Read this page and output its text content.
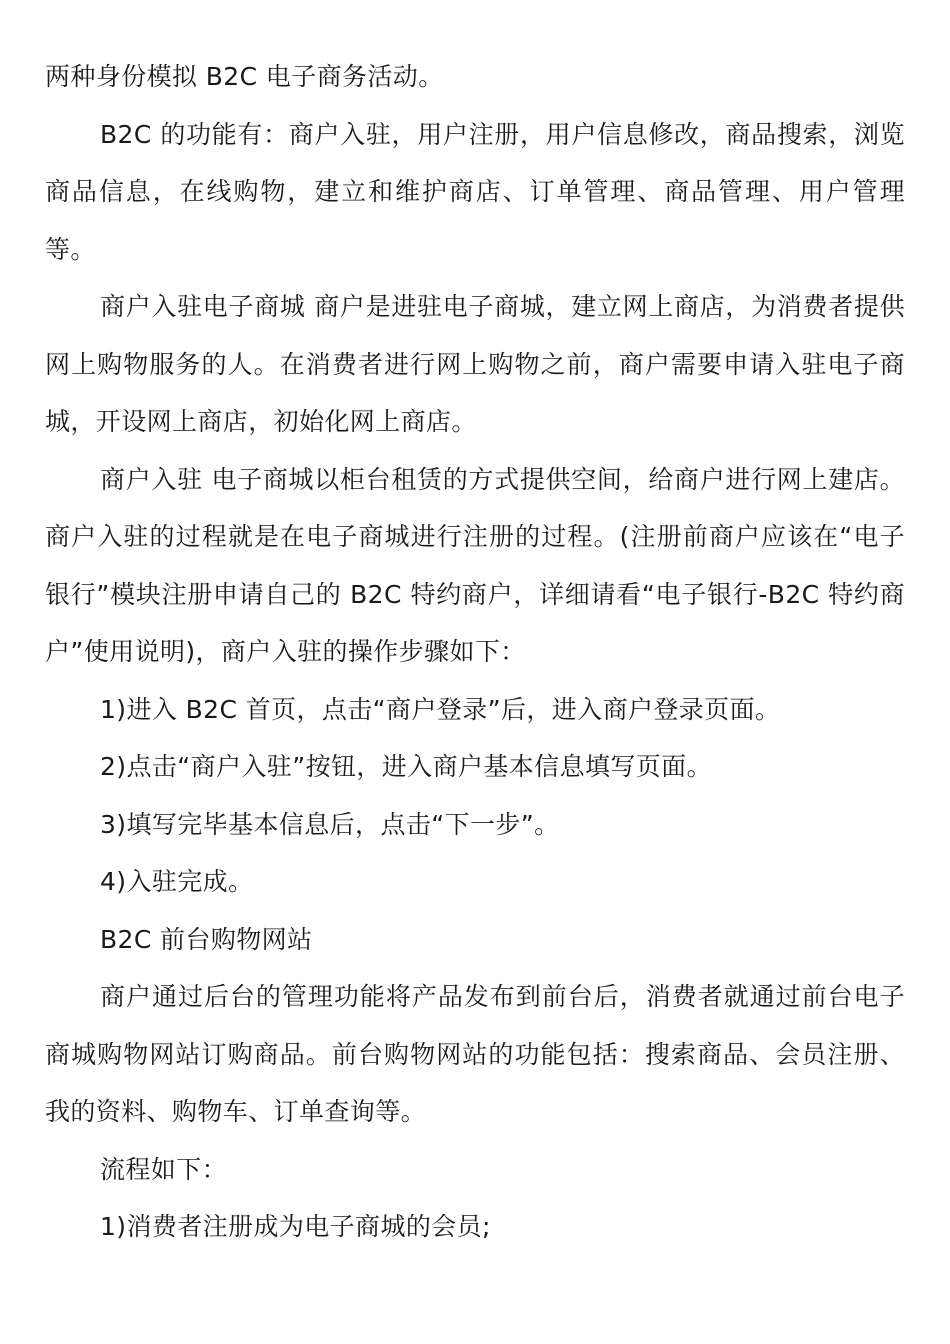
两种身份模拟 B2C 电子商务活动。

B2C 的功能有：商户入驻，用户注册，用户信息修改，商品搜索，浏览商品信息，在线购物，建立和维护商店、订单管理、商品管理、用户管理等。

商户入驻电子商城 商户是进驻电子商城，建立网上商店，为消费者提供网上购物服务的人。在消费者进行网上购物之前，商户需要申请入驻电子商城，开设网上商店，初始化网上商店。

商户入驻 电子商城以柜台租赁的方式提供空间，给商户进行网上建店。商户入驻的过程就是在电子商城进行注册的过程。(注册前商户应该在“电子银行”模块注册申请自己的 B2C 特约商户，详细请看“电子银行-B2C 特约商户”使用说明)，商户入驻的操作步骤如下：

1)进入 B2C 首页，点击“商户登录”后，进入商户登录页面。

2)点击“商户入驻”按钮，进入商户基本信息填写页面。

3)填写完毕基本信息后，点击“下一步”。

4)入驻完成。

B2C 前台购物网站

商户通过后台的管理功能将产品发布到前台后，消费者就通过前台电子商城购物网站订购商品。前台购物网站的功能包括：搜索商品、会员注册、我的资料、购物车、订单查询等。

流程如下：

1)消费者注册成为电子商城的会员;
